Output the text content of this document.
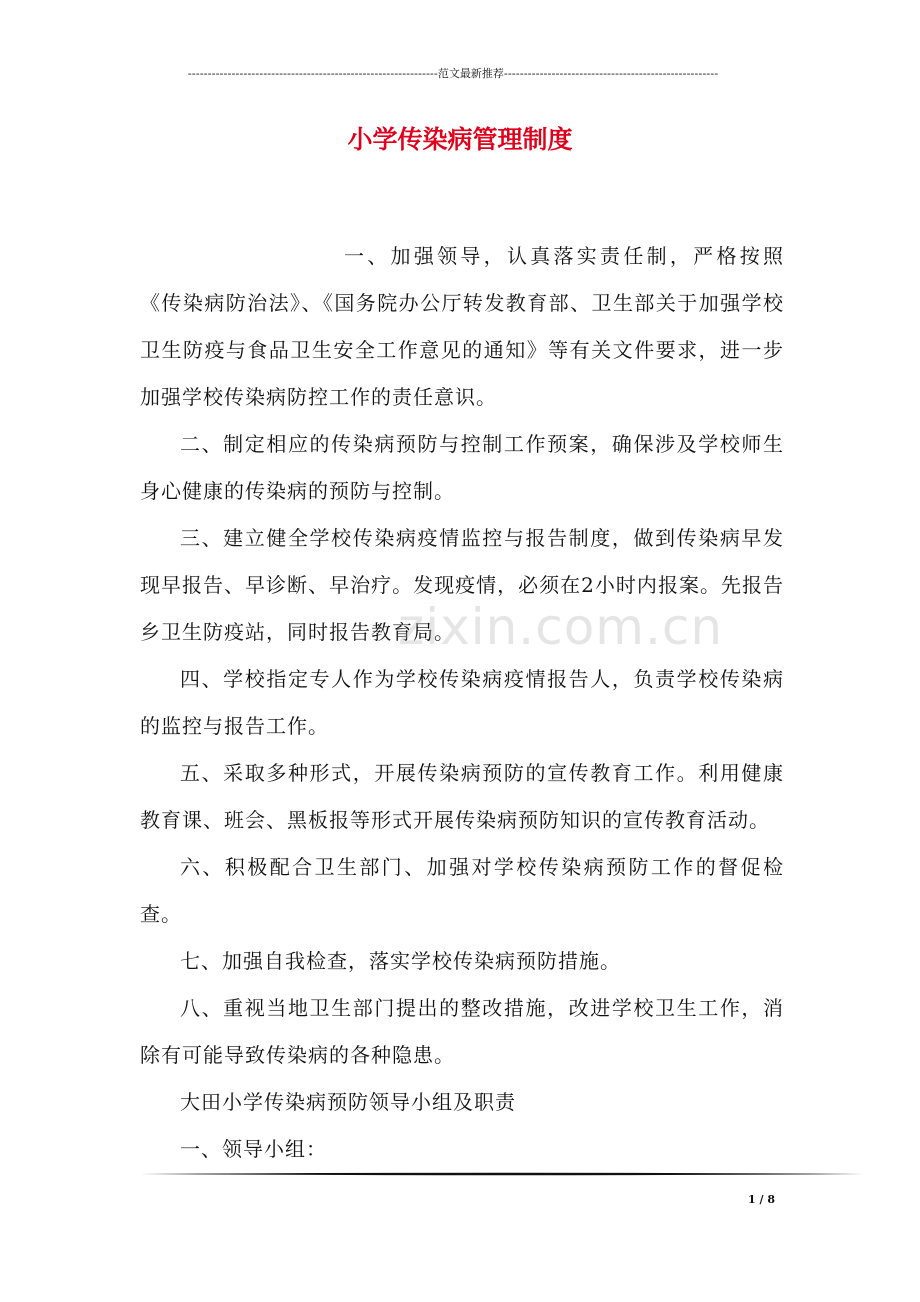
---------------------------------------------------------------范文最新推荐------------------------------------------------------
小学传染病管理制度

一、加强领导，认真落实责任制，严格按照《传染病防治法》、《国务院办公厅转发教育部、卫生部关于加强学校卫生防疫与食品卫生安全工作意见的通知》等有关文件要求，进一步加强学校传染病防控工作的责任意识。

二、制定相应的传染病预防与控制工作预案，确保涉及学校师生身心健康的传染病的预防与控制。

三、建立健全学校传染病疫情监控与报告制度，做到传染病早发现早报告、早诊断、早治疗。发现疫情，必须在2小时内报案。先报告乡卫生防疫站，同时报告教育局。

四、学校指定专人作为学校传染病疫情报告人，负责学校传染病的监控与报告工作。

五、采取多种形式，开展传染病预防的宣传教育工作。利用健康教育课、班会、黑板报等形式开展传染病预防知识的宣传教育活动。

六、积极配合卫生部门、加强对学校传染病预防工作的督促检查。

七、加强自我检查，落实学校传染病预防措施。

八、重视当地卫生部门提出的整改措施，改进学校卫生工作，消除有可能导致传染病的各种隐患。

大田小学传染病预防领导小组及职责

一、领导小组：

zixin.com.cn
1 / 8
